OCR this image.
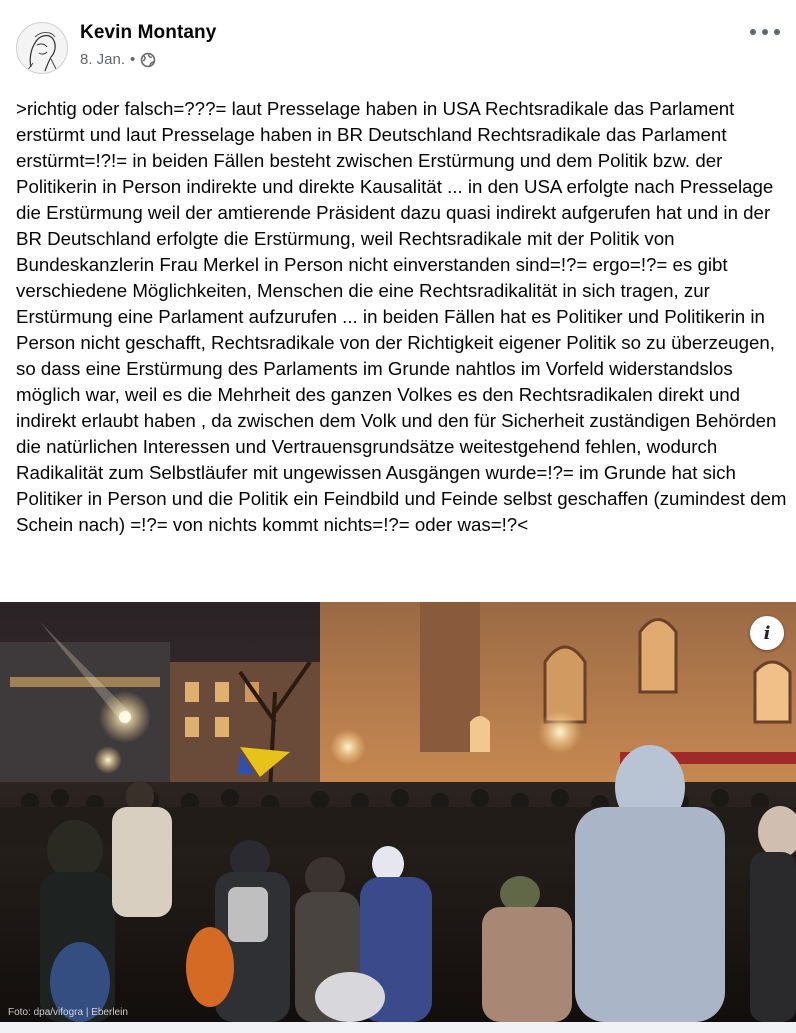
Kevin Montany
8. Jan. •
>richtig oder falsch=???= laut Presselage haben in USA Rechtsradikale das Parlament erstürmt und laut Presselage haben in BR Deutschland Rechtsradikale das Parlament erstürmt=!?!= in beiden Fällen besteht zwischen Erstürmung und dem Politik bzw. der Politikerin in Person indirekte und direkte Kausalität ... in den USA erfolgte nach Presselage die Erstürmung weil der amtierende Präsident dazu quasi indirekt aufgerufen hat und in der BR Deutschland erfolgte die Erstürmung, weil Rechtsradikale mit der Politik von Bundeskanzlerin Frau Merkel in Person nicht einverstanden sind=!?= ergo=!?= es gibt verschiedene Möglichkeiten, Menschen die eine Rechtsradikalität in sich tragen, zur Erstürmung eine Parlament aufzurufen ... in beiden Fällen hat es Politiker und Politikerin in Person nicht geschafft, Rechtsradikale von der Richtigkeit eigener Politik so zu überzeugen, so dass eine Erstürmung des Parlaments im Grunde nahtlos im Vorfeld widerstandslos möglich war, weil es die Mehrheit des ganzen Volkes es den Rechtsradikalen direkt und indirekt erlaubt haben , da zwischen dem Volk und den für Sicherheit zuständigen Behörden die natürlichen Interessen und Vertrauensgrundsätze weitestgehend fehlen, wodurch Radikalität zum Selbstläufer mit ungewissen Ausgängen wurde=!?= im Grunde hat sich Politiker in Person und die Politik ein Feindbild und Feinde selbst geschaffen (zumindest dem Schein nach) =!?= von nichts kommt nichts=!?= oder was=!?<
i
Foto: dpa/vifogra | Eberlein
